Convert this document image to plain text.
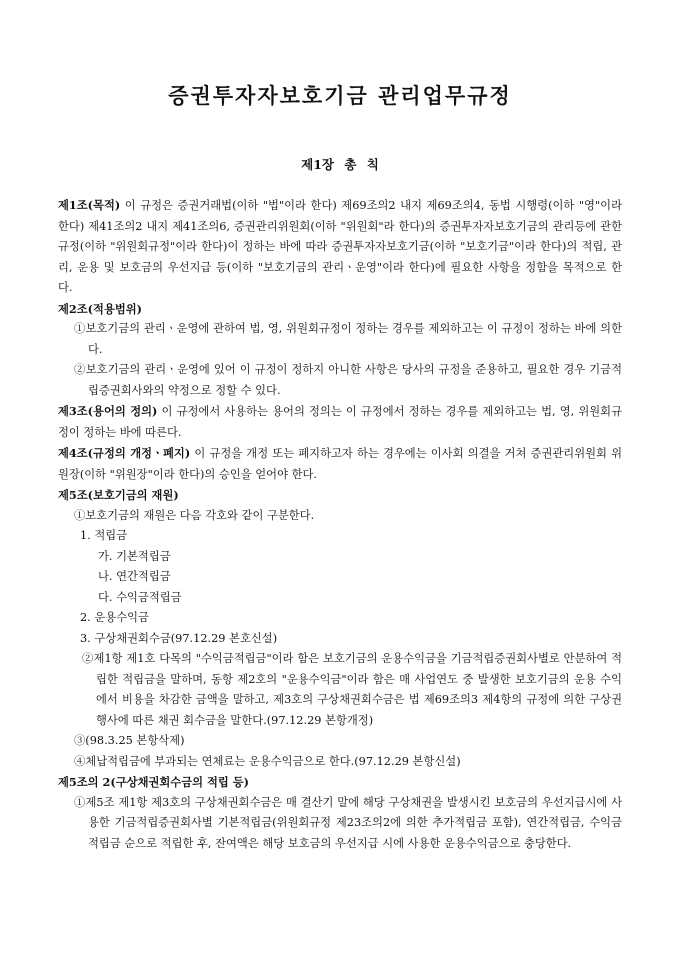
증권투자자보호기금 관리업무규정
제1장 총 칙

제1조(목적) 이 규정은 증권거래법(이하 "법"이라 한다) 제69조의2 내지 제69조의4, 동법 시행령(이하 "영"이라 한다) 제41조의2 내지 제41조의6, 증권관리위원회(이하 "위원회"라 한다)의 증권투자자보호기금의 관리등에 관한 규정(이하 "위원회규정"이라 한다)이 정하는 바에 따라 증권투자자보호기금(이하 "보호기금"이라 한다)의 적립, 관리, 운용 및 보호금의 우선지급 등(이하 "보호기금의 관리ㆍ운영"이라 한다)에 필요한 사항을 정함을 목적으로 한다.

제2조(적용범위)

①보호기금의 관리ㆍ운영에 관하여 법, 영, 위원회규정이 정하는 경우를 제외하고는 이 규정이 정하는 바에 의한다.

②보호기금의 관리ㆍ운영에 있어 이 규정이 정하지 아니한 사항은 당사의 규정을 준용하고, 필요한 경우 기금적립증권회사와의 약정으로 정할 수 있다.

제3조(용어의 정의) 이 규정에서 사용하는 용어의 정의는 이 규정에서 정하는 경우를 제외하고는 법, 영, 위원회규정이 정하는 바에 따른다.

제4조(규정의 개정ㆍ폐지) 이 규정을 개정 또는 폐지하고자 하는 경우에는 이사회 의결을 거쳐 증권관리위원회 위원장(이하 "위원장"이라 한다)의 승인을 얻어야 한다.

제5조(보호기금의 재원)

①보호기금의 재원은 다음 각호와 같이 구분한다.

1. 적립금

가. 기본적립금

나. 연간적립금

다. 수익금적립금

2. 운용수익금

3. 구상채권회수금(97.12.29 본호신설)

②제1항 제1호 다목의 "수익금적립금"이라 함은 보호기금의 운용수익금을 기금적립증권회사별로 안분하여 적립한 적립금을 말하며, 동항 제2호의 "운용수익금"이라 함은 매 사업연도 중 발생한 보호기금의 운용 수익에서 비용을 차감한 금액을 말하고, 제3호의 구상채권회수금은 법 제69조의3 제4항의 규정에 의한 구상권행사에 따른 채권 회수금을 말한다.(97.12.29 본항개정)

③(98.3.25 본항삭제)

④체납적립금에 부과되는 연체료는 운용수익금으로 한다.(97.12.29 본항신설)

제5조의 2(구상채권회수금의 적립 등)

①제5조 제1항 제3호의 구상채권회수금은 매 결산기 말에 해당 구상채권을 발생시킨 보호금의 우선지급시에 사용한 기금적립증권회사별 기본적립금(위원회규정 제23조의2에 의한 추가적립금 포함), 연간적립금, 수익금적립금 순으로 적립한 후, 잔여액은 해당 보호금의 우선지급 시에 사용한 운용수익금으로 충당한다.
